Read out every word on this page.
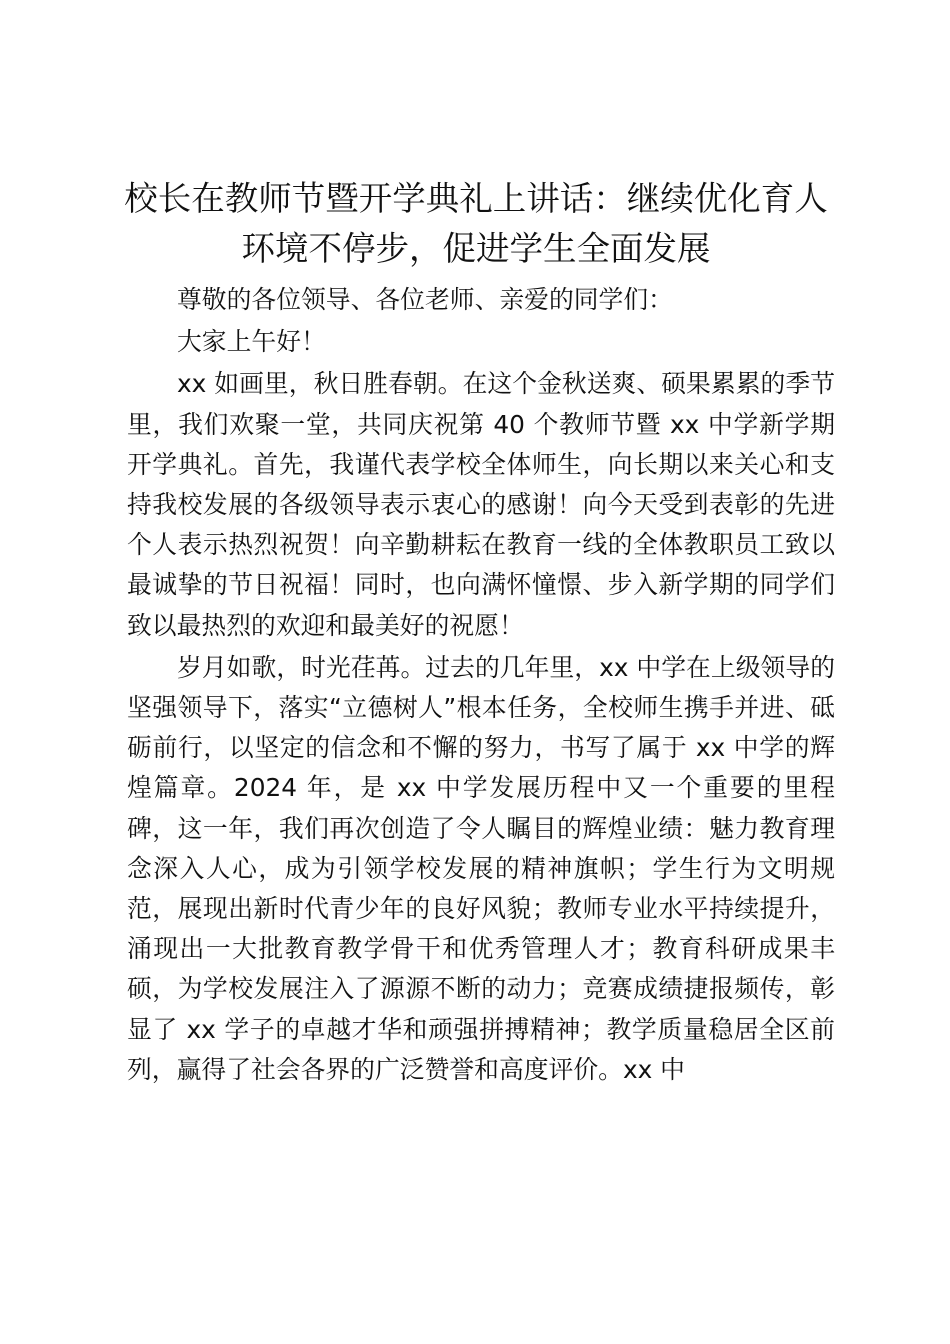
校长在教师节暨开学典礼上讲话：继续优化育人环境不停步，促进学生全面发展

尊敬的各位领导、各位老师、亲爱的同学们：

大家上午好！

xx 如画里，秋日胜春朝。在这个金秋送爽、硕果累累的季节里，我们欢聚一堂，共同庆祝第 40 个教师节暨 xx 中学新学期开学典礼。首先，我谨代表学校全体师生，向长期以来关心和支持我校发展的各级领导表示衷心的感谢！向今天受到表彰的先进个人表示热烈祝贺！向辛勤耕耘在教育一线的全体教职员工致以最诚挚的节日祝福！同时，也向满怀憧憬、步入新学期的同学们致以最热烈的欢迎和最美好的祝愿！

岁月如歌，时光荏苒。过去的几年里，xx 中学在上级领导的坚强领导下，落实“立德树人”根本任务，全校师生携手并进、砥砺前行，以坚定的信念和不懈的努力，书写了属于 xx 中学的辉煌篇章。2024 年，是 xx 中学发展历程中又一个重要的里程碑，这一年，我们再次创造了令人瞩目的辉煌业绩：魅力教育理念深入人心，成为引领学校发展的精神旗帜；学生行为文明规范，展现出新时代青少年的良好风貌；教师专业水平持续提升，涌现出一大批教育教学骨干和优秀管理人才；教育科研成果丰硕，为学校发展注入了源源不断的动力；竞赛成绩捷报频传，彰显了 xx 学子的卓越才华和顽强拼搏精神；教学质量稳居全区前列，赢得了社会各界的广泛赞誉和高度评价。xx 中
